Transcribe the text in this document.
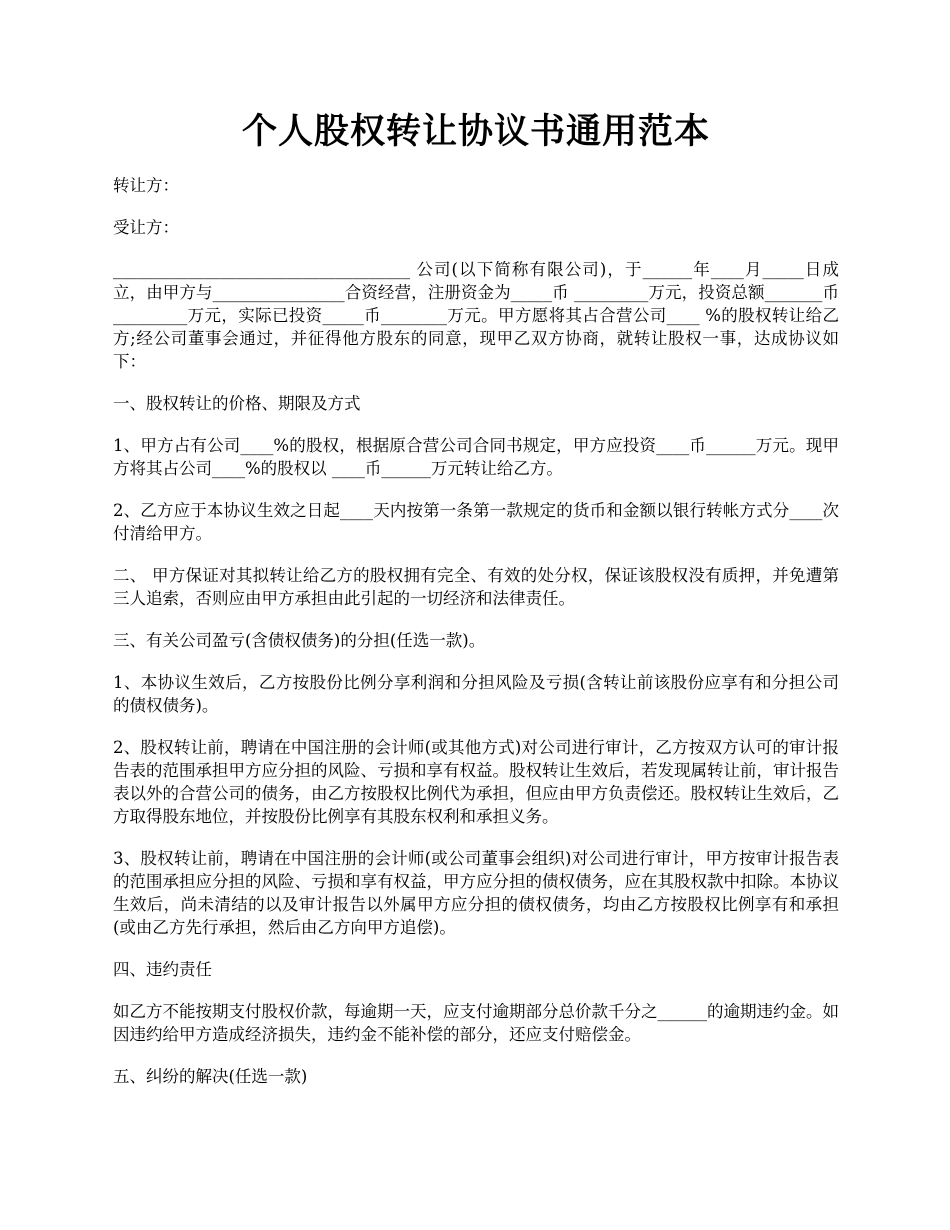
个人股权转让协议书通用范本

转让方：

受让方：

____________________________________ 公司(以下简称有限公司)，于______年____月_____日成立，由甲方与________________合资经营，注册资金为_____币 _________万元，投资总额_______币_________万元，实际已投资_____币________万元。甲方愿将其占合营公司____ %的股权转让给乙方;经公司董事会通过，并征得他方股东的同意，现甲乙双方协商，就转让股权一事，达成协议如下：

一、股权转让的价格、期限及方式

1、甲方占有公司____%的股权，根据原合营公司合同书规定，甲方应投资____币______万元。现甲方将其占公司____%的股权以 ____币______万元转让给乙方。

2、乙方应于本协议生效之日起____天内按第一条第一款规定的货币和金额以银行转帐方式分____次付清给甲方。

二、 甲方保证对其拟转让给乙方的股权拥有完全、有效的处分权，保证该股权没有质押，并免遭第三人追索，否则应由甲方承担由此引起的一切经济和法律责任。

三、有关公司盈亏(含债权债务)的分担(任选一款)。

1、本协议生效后，乙方按股份比例分享利润和分担风险及亏损(含转让前该股份应享有和分担公司的债权债务)。

2、股权转让前，聘请在中国注册的会计师(或其他方式)对公司进行审计，乙方按双方认可的审计报告表的范围承担甲方应分担的风险、亏损和享有权益。股权转让生效后，若发现属转让前，审计报告表以外的合营公司的债务，由乙方按股权比例代为承担，但应由甲方负责偿还。股权转让生效后，乙方取得股东地位，并按股份比例享有其股东权利和承担义务。

3、股权转让前，聘请在中国注册的会计师(或公司董事会组织)对公司进行审计，甲方按审计报告表的范围承担应分担的风险、亏损和享有权益，甲方应分担的债权债务，应在其股权款中扣除。本协议生效后，尚未清结的以及审计报告以外属甲方应分担的债权债务，均由乙方按股权比例享有和承担(或由乙方先行承担，然后由乙方向甲方追偿)。

四、违约责任

如乙方不能按期支付股权价款，每逾期一天，应支付逾期部分总价款千分之______的逾期违约金。如因违约给甲方造成经济损失，违约金不能补偿的部分，还应支付赔偿金。

五、纠纷的解决(任选一款)
